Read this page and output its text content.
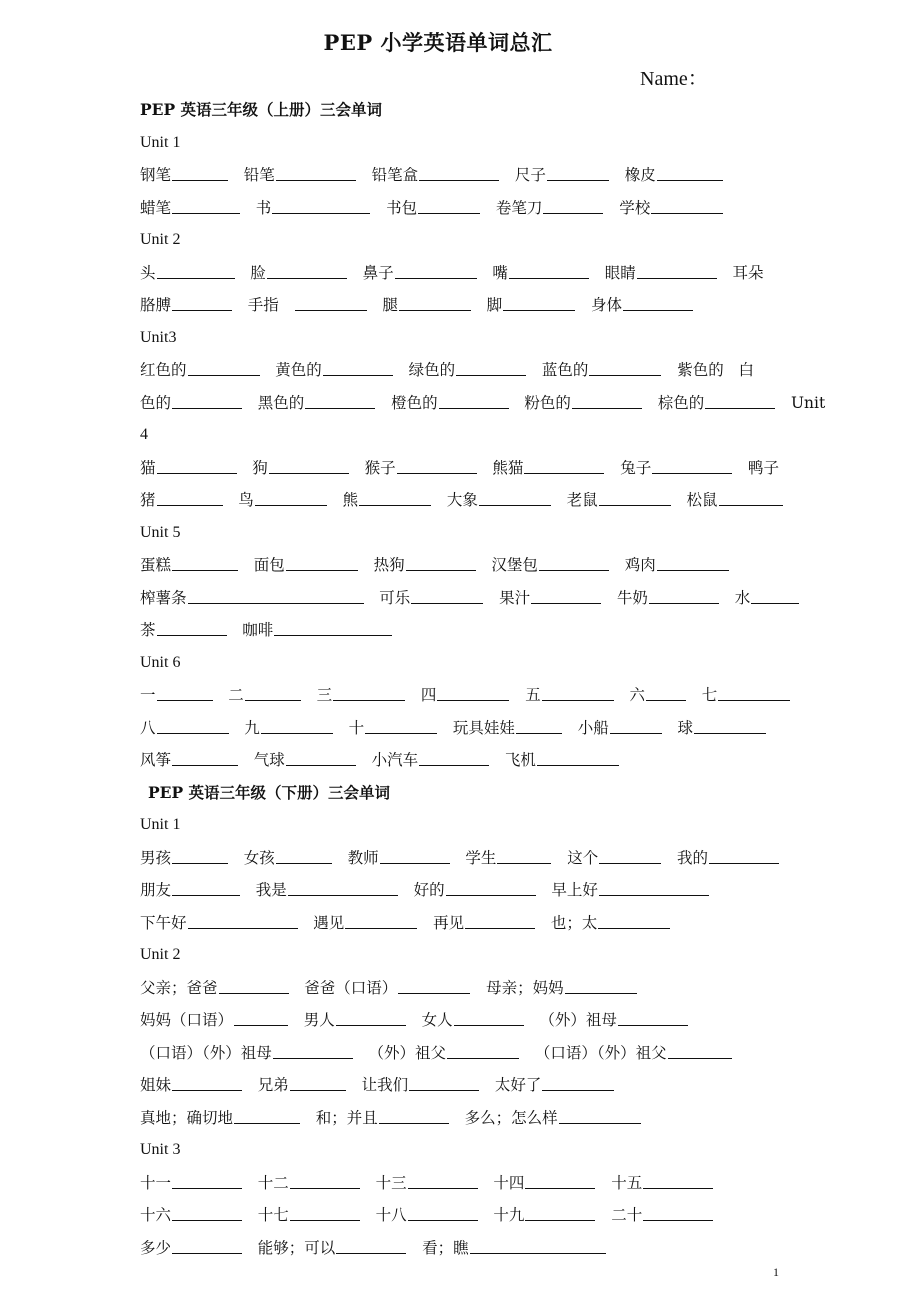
PEP 小学英语单词总汇
Name：
PEP 英语三年级（上册）三会单词
Unit 1
钢笔	铅笔	铅笔盒	尺子	橡皮
蜡笔	书	书包	卷笔刀	学校
Unit 2
头	脸	鼻子	嘴	眼睛	耳朵
胳膊	手指	腿	脚	身体
Unit3
红色的	黄色的	绿色的	蓝色的	紫色的 白
色的	黑色的	橙色的	粉色的	棕色的	Unit
4
猫	狗	猴子	熊猫	兔子	鸭子
猪	鸟	熊	大象	老鼠	松鼠
Unit 5
蛋糕	面包	热狗	汉堡包	鸡肉
榨薯条	可乐	果汁	牛奶	水
茶	咖啡
Unit 6
一	二	三	四	五	六	七
八	九	十	玩具娃娃	小船	球
风筝	气球	小汽车	飞机
PEP 英语三年级（下册）三会单词
Unit 1
男孩	女孩	教师	学生	这个	我的
朋友	我是	好的	早上好
下午好	遇见	再见	也；太
Unit 2
父亲；爸爸	爸爸（口语）	母亲；妈妈
妈妈（口语）	男人	女人	（外）祖母
（口语）（外）祖母	（外）祖父	（口语）（外）祖父
姐妹	兄弟	让我们	太好了
真地；确切地	和；并且	多么；怎么样
Unit 3
十一	十二	十三	十四	十五
十六	十七	十八	十九	二十
多少	能够；可以	看；瞧
1
